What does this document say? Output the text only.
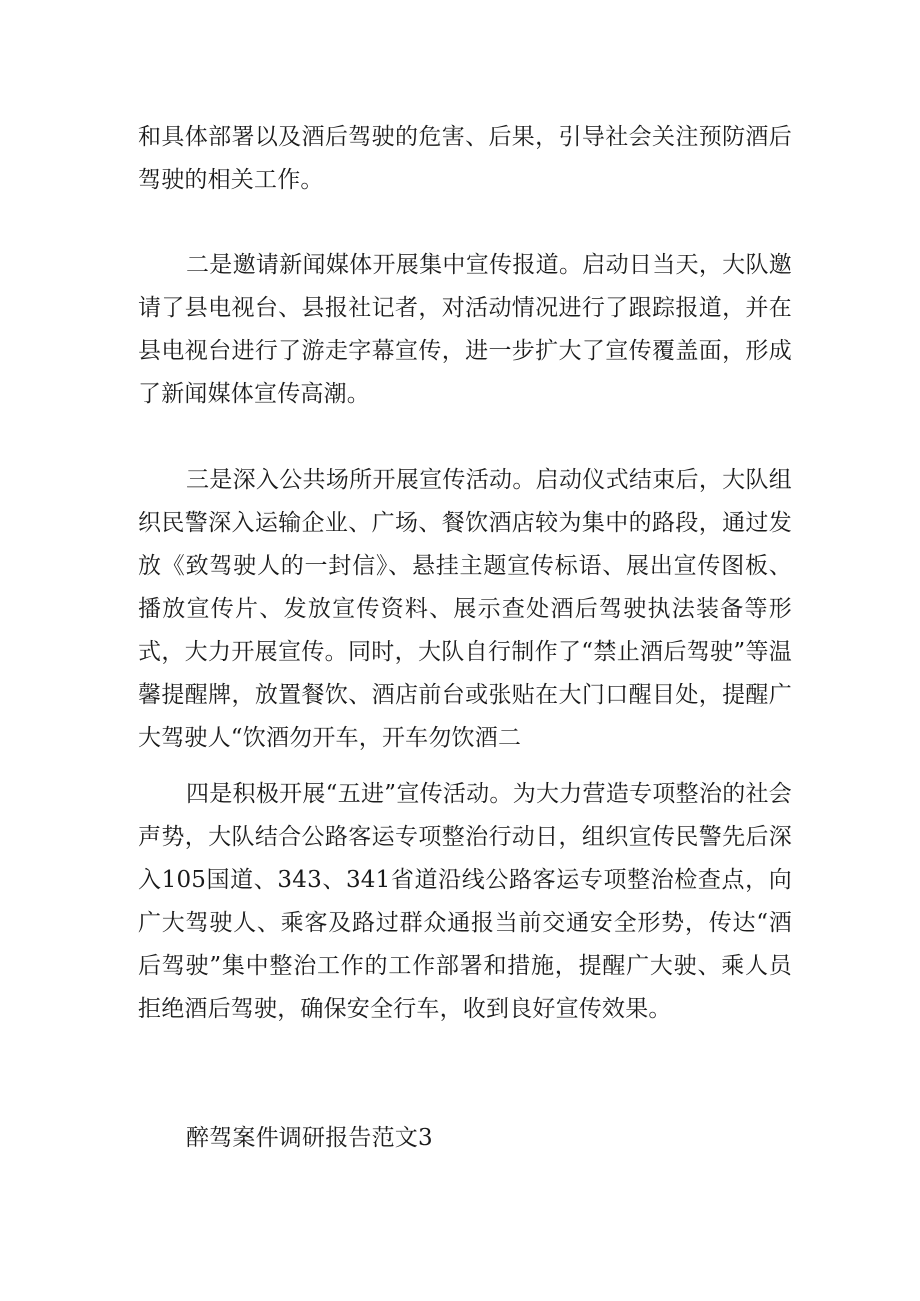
和具体部署以及酒后驾驶的危害、后果，引导社会关注预防酒后驾驶的相关工作。

二是邀请新闻媒体开展集中宣传报道。启动日当天，大队邀请了县电视台、县报社记者，对活动情况进行了跟踪报道，并在县电视台进行了游走字幕宣传，进一步扩大了宣传覆盖面，形成了新闻媒体宣传高潮。

三是深入公共场所开展宣传活动。启动仪式结束后，大队组织民警深入运输企业、广场、餐饮酒店较为集中的路段，通过发放《致驾驶人的一封信》、悬挂主题宣传标语、展出宣传图板、播放宣传片、发放宣传资料、展示查处酒后驾驶执法装备等形式，大力开展宣传。同时，大队自行制作了“禁止酒后驾驶”等温馨提醒牌，放置餐饮、酒店前台或张贴在大门口醒目处，提醒广大驾驶人“饮酒勿开车，开车勿饮酒二

四是积极开展“五进”宣传活动。为大力营造专项整治的社会声势，大队结合公路客运专项整治行动日，组织宣传民警先后深入105国道、343、341省道沿线公路客运专项整治检查点，向广大驾驶人、乘客及路过群众通报当前交通安全形势，传达“酒后驾驶”集中整治工作的工作部署和措施，提醒广大驶、乘人员拒绝酒后驾驶，确保安全行车，收到良好宣传效果。

醉驾案件调研报告范文3
